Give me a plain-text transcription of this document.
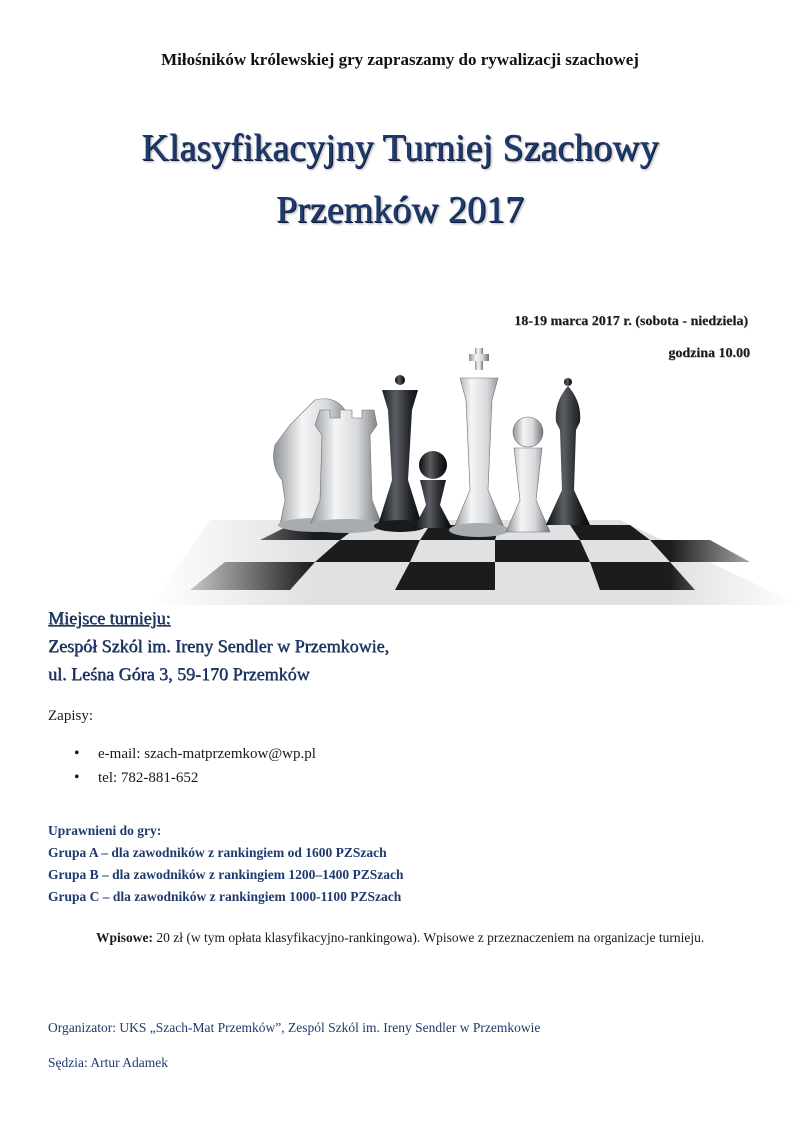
Miłośników królewskiej gry zapraszamy do rywalizacji szachowej
Klasyfikacyjny Turniej Szachowy
Przemków 2017
18-19 marca 2017 r. (sobota - niedziela)
godzina 10.00
Miejsce turnieju:
Zespół Szkól im. Ireny Sendler w Przemkowie,
ul. Leśna Góra 3, 59-170 Przemków
Zapisy:
• e-mail: szach-matprzemkow@wp.pl
• tel: 782-881-652
Uprawnieni do gry:
Grupa A – dla zawodników z rankingiem od 1600 PZSzach
Grupa B – dla zawodników z rankingiem 1200–1400 PZSzach
Grupa C – dla zawodników z rankingiem 1000-1100 PZSzach
Wpisowe: 20 zł (w tym opłata klasyfikacyjno-rankingowa). Wpisowe z przeznaczeniem na organizacje turnieju.
Organizator: UKS „Szach-Mat Przemków”, Zespól Szkól im. Ireny Sendler w Przemkowie
Sędzia: Artur Adamek
